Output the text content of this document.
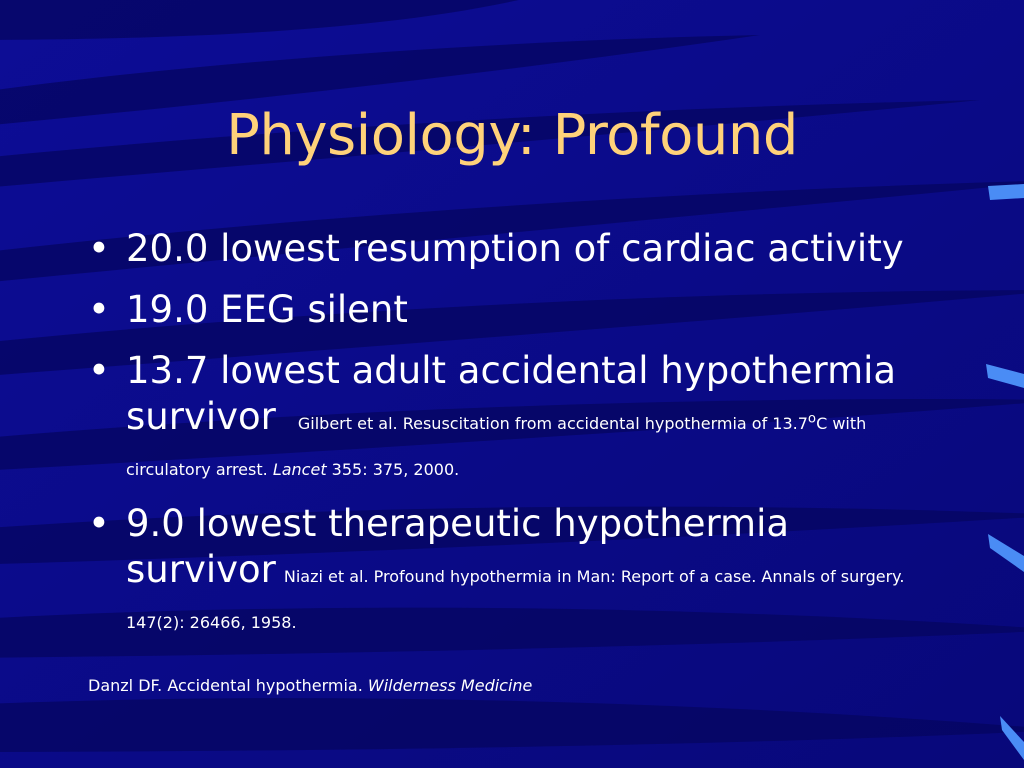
Physiology: Profound
• 20.0 lowest resumption of cardiac activity
• 19.0 EEG silent
• 13.7 lowest adult accidental hypothermia survivor Gilbert et al. Resuscitation from accidental hypothermia of 13.7$^o$C with circulatory arrest. Lancet 355: 375, 2000.
• 9.0 lowest therapeutic hypothermia survivor Niazi et al. Profound hypothermia in Man: Report of a case. Annals of surgery. 147(2): 26466, 1958.
Danzl DF. Accidental hypothermia. Wilderness Medicine
